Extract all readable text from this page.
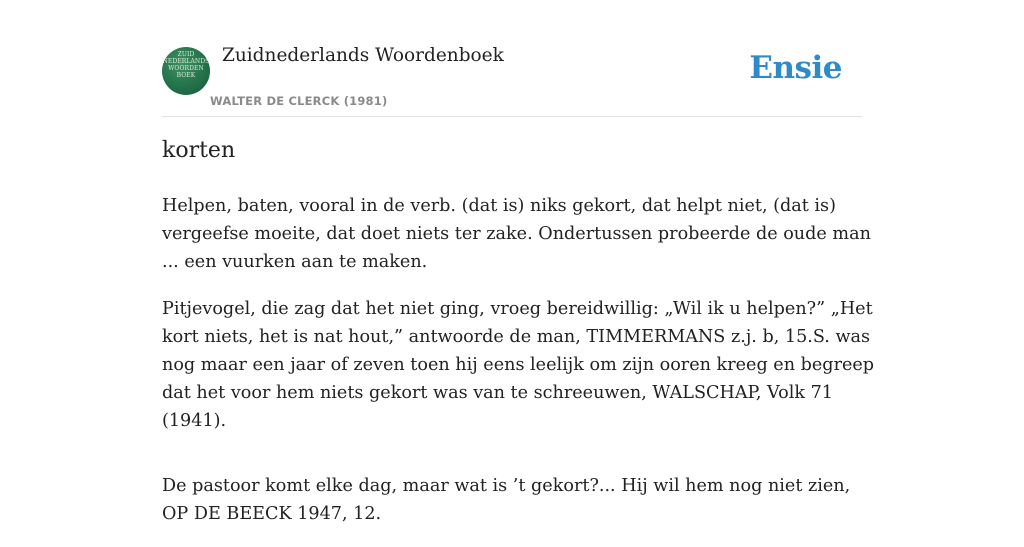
ZUID NEDERLANDS WOORDEN BOEK
Zuidnederlands Woordenboek
WALTER DE CLERCK (1981)
Ensie
korten

Helpen, baten, vooral in de verb. (dat is) niks gekort, dat helpt niet, (dat is) vergeefse moeite, dat doet niets ter zake. Ondertussen probeerde de oude man ... een vuurken aan te maken.

Pitjevogel, die zag dat het niet ging, vroeg bereidwillig: „Wil ik u helpen?” „Het kort niets, het is nat hout,” antwoorde de man, TIMMERMANS z.j. b, 15.S. was nog maar een jaar of zeven toen hij eens leelijk om zijn ooren kreeg en begreep dat het voor hem niets gekort was van te schreeuwen, WALSCHAP, Volk 71 (1941).

De pastoor komt elke dag, maar wat is ’t gekort?... Hij wil hem nog niet zien, OP DE BEECK 1947, 12.
